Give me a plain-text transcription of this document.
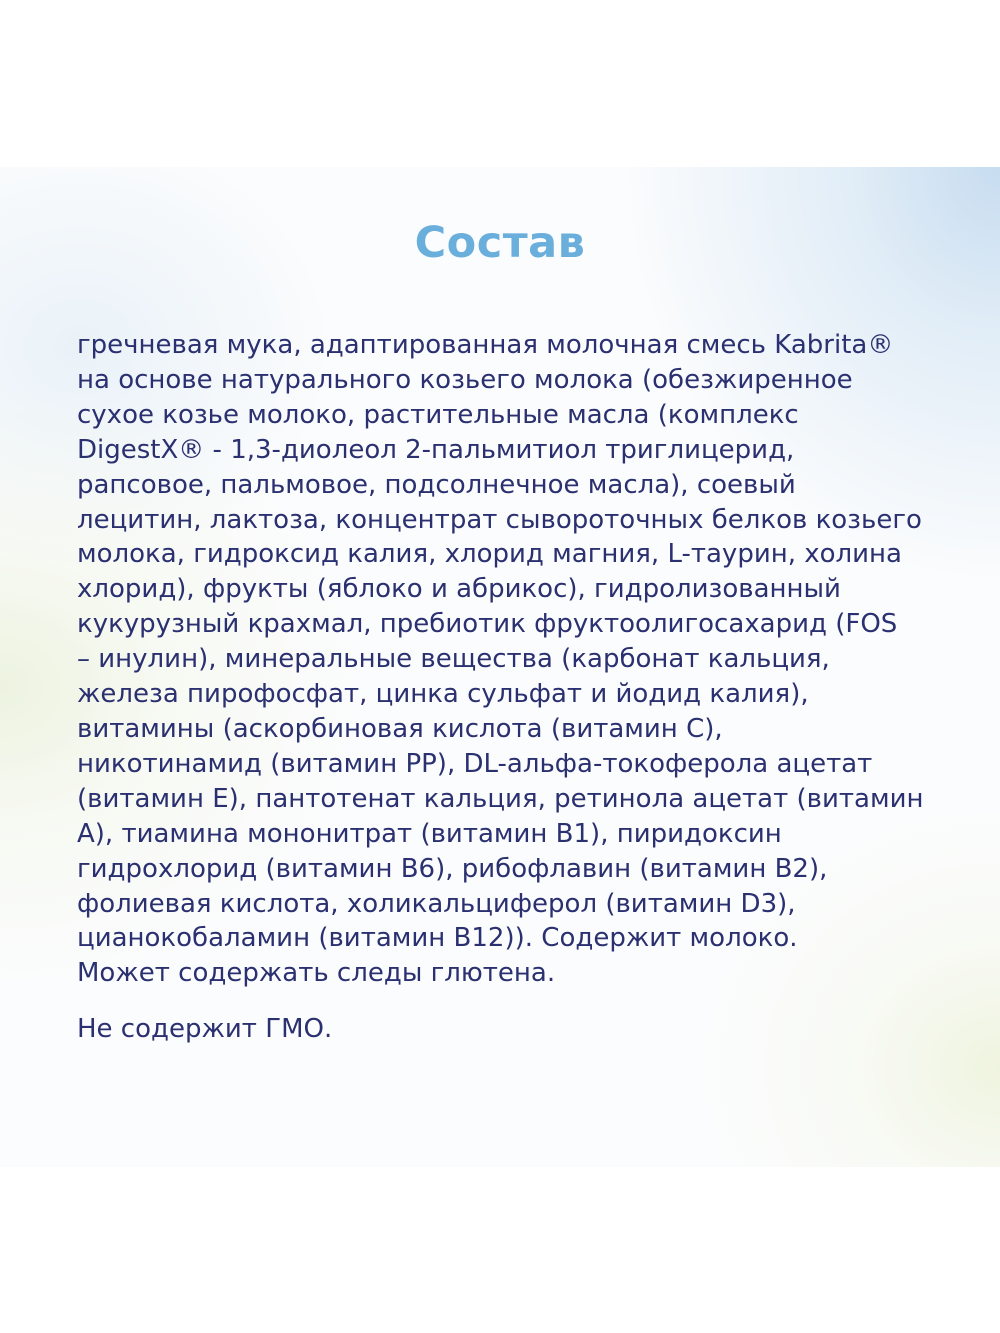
Состав
гречневая мука, адаптированная молочная смесь Kabrita®
на основе натурального козьего молока (обезжиренное
сухое козье молоко, растительные масла (комплекс
DigestX® - 1,3-диолеол 2-пальмитиол триглицерид,
рапсовое, пальмовое, подсолнечное масла), соевый
лецитин, лактоза, концентрат сывороточных белков козьего
молока, гидроксид калия, хлорид магния, L-таурин, холина
хлорид), фрукты (яблоко и абрикос), гидролизованный
кукурузный крахмал, пребиотик фруктоолигосахарид (FOS
– инулин), минеральные вещества (карбонат кальция,
железа пирофосфат, цинка сульфат и йодид калия),
витамины (аскорбиновая кислота (витамин С),
никотинамид (витамин РР), DL-альфа-токоферола ацетат
(витамин Е), пантотенат кальция, ретинола ацетат (витамин
А), тиамина мононитрат (витамин В1), пиридоксин
гидрохлорид (витамин В6), рибофлавин (витамин В2),
фолиевая кислота, холикальциферол (витамин D3),
цианокобаламин (витамин В12)). Содержит молоко.
Может содержать следы глютена.
Не содержит ГМО.
